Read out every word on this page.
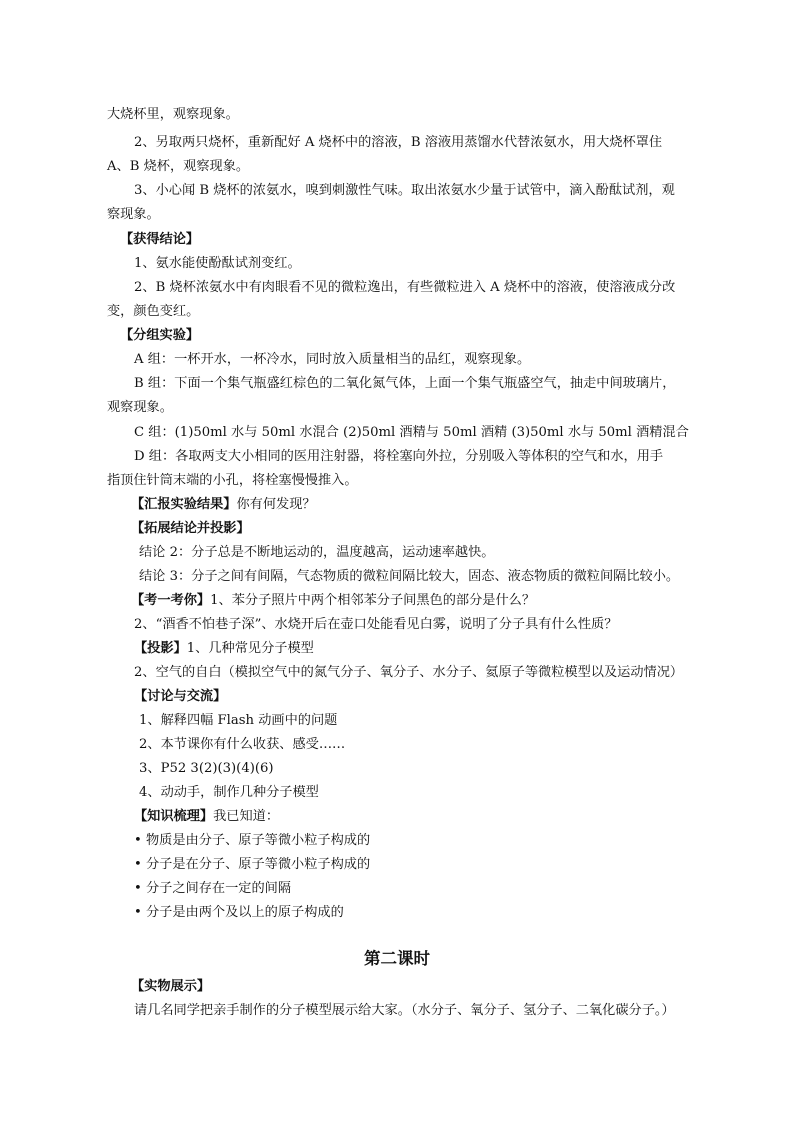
大烧杯里，观察现象。
2、另取两只烧杯，重新配好 A 烧杯中的溶液，B 溶液用蒸馏水代替浓氨水，用大烧杯罩住
A、B 烧杯，观察现象。
3、小心闻 B 烧杯的浓氨水，嗅到刺激性气味。取出浓氨水少量于试管中，滴入酚酞试剂，观
察现象。
【获得结论】
1、氨水能使酚酞试剂变红。
2、B 烧杯浓氨水中有肉眼看不见的微粒逸出，有些微粒进入 A 烧杯中的溶液，使溶液成分改
变，颜色变红。
【分组实验】
A 组：一杯开水，一杯冷水，同时放入质量相当的品红，观察现象。
B 组：下面一个集气瓶盛红棕色的二氧化氮气体，上面一个集气瓶盛空气，抽走中间玻璃片，
观察现象。
C 组：(1)50ml 水与 50ml 水混合 (2)50ml 酒精与 50ml 酒精 (3)50ml 水与 50ml 酒精混合
D 组：各取两支大小相同的医用注射器，将栓塞向外拉，分别吸入等体积的空气和水，用手
指顶住针筒末端的小孔，将栓塞慢慢推入。
【汇报实验结果】你有何发现？
【拓展结论并投影】
结论 2：分子总是不断地运动的，温度越高，运动速率越快。
结论 3：分子之间有间隔，气态物质的微粒间隔比较大，固态、液态物质的微粒间隔比较小。
【考一考你】1、苯分子照片中两个相邻苯分子间黑色的部分是什么？
2、“酒香不怕巷子深”、水烧开后在壶口处能看见白雾，说明了分子具有什么性质？
【投影】1、几种常见分子模型
2、空气的自白（模拟空气中的氮气分子、氧分子、水分子、氦原子等微粒模型以及运动情况）
【讨论与交流】
1、解释四幅 Flash 动画中的问题
2、本节课你有什么收获、感受……
3、P52 3(2)(3)(4)(6)
4、动动手，制作几种分子模型
【知识梳理】我已知道：
• 物质是由分子、原子等微小粒子构成的
• 分子是在分子、原子等微小粒子构成的
• 分子之间存在一定的间隔
• 分子是由两个及以上的原子构成的
第二课时
【实物展示】
请几名同学把亲手制作的分子模型展示给大家。（水分子、氧分子、氢分子、二氧化碳分子。）
